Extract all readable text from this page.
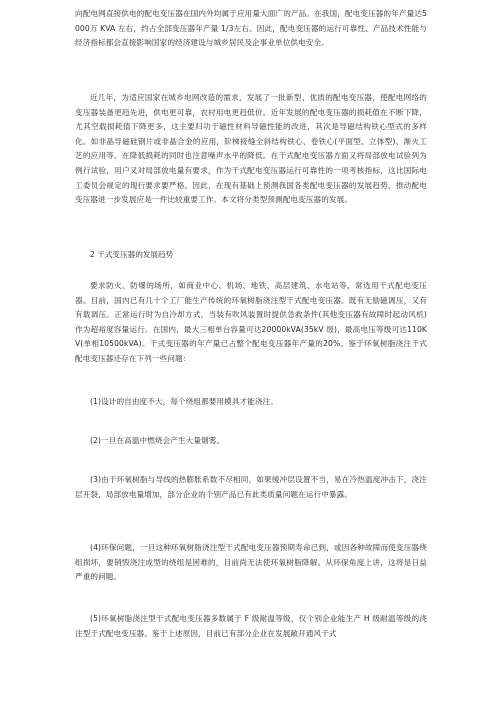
向配电网直接供电的配电变压器在国内外均属于应用量大面广的产品。在我国，配电变压器的年产量达5000万 KVA 左右，约占全部变压器年产量 1/3左右。因此，配电变压器的运行可靠性、产品技术性能与经济指标都会直接影响国家的经济建设与城乡居民及企事业单位供电安全。

近几年，为适应国家在城乡电网改造的需求，发展了一批新型、优质的配电变压器，使配电网络的变压器装备更趋先进，供电更可靠，农村用电更趋低价。近年发展的配电变压器的损耗值在不断下降，尤其空载损耗值下降更多，这主要归功于磁性材料导磁性能的改进，其次是导磁结构铁心型式的多样化。如非晶导磁硅钢片或非晶合金的应用，阶梯接缝全斜结构铁心、卷铁心(平面型、立体型)、渐火工艺的应用等。在降低损耗的同时也注意噪声水平的降低。在干式配电变压器方面又将局部放电试验列为例行试验，用户又对局部放电量有要求，作为干式配电变压器运行可靠性的一项考核指标，这比国际电工委员会规定的现行要求要严格。因此，在现有基础上预测我国各类配电变压器的发展趋势，推动配电变压器进一步发展应是一件比较重要工作。本文将分类型预测配电变压器的发展。

2 干式变压器的发展趋势

要求防火、防爆的场所，如商业中心、机场、地铁、高层建筑、水电站等，常选用干式配电变压器。目前，国内已有几十个工厂能生产传统的环氧树脂浇注型干式配电变压器。既有无励磁调压，又有有载调压。正常运行时为自冷却方式，当装有吹风装置时提供急救条件(其他变压器有故障时起动风机)作为超裕度容量运行。在国内，最大三相单台容量可达20000kVA(35kV 级)，最高电压等级可达110KV(单相10500kVA)。干式变压器的年产量已占整个配电变压器年产量的20%。鉴于环氧树脂浇注干式配电变压器还存在下列一些问题：

(1)设计的自由度不大，每个绕组都要用模具才能浇注。

(2)一旦在高温中燃烧会产生大量烟雾。

(3)由于环氧树脂与导线的热膨胀系数不尽相同，如果缓冲层设置不当，易在冷热温度冲击下，浇注层开裂，局部放电量增加，部分企业的个别产品已有此类质量问题在运行中暴露。

(4)环保问题，一旦这种环氧树脂浇注型干式配电变压器预期寿命已到，或因各种故障而使变压器绕组损坏，要销毁浇注成型的绕组是困难的，目前尚无法使环氧树脂降解。从环保角度上讲，这将是日益严重的问题。

(5)环氧树脂浇注型干式配电变压器多数属于 F 级耐温等级，仅个别企业能生产 H 级耐温等级的浇注型干式配电变压器。鉴于上述原因，目前已有部分企业在发展敞开通风干式
